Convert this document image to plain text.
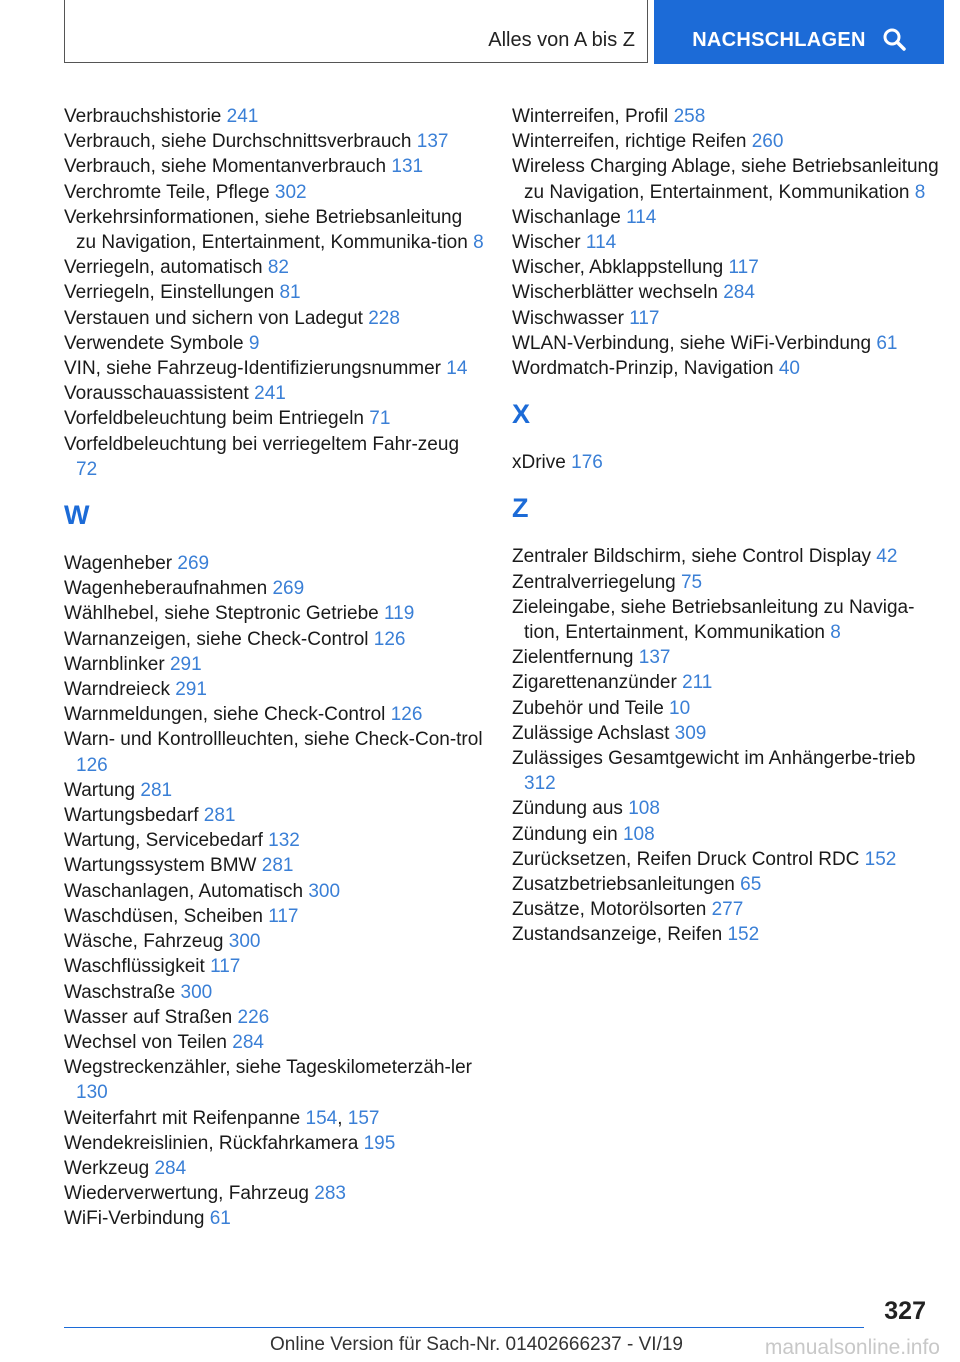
Alles von A bis Z	NACHSCHLAGEN

Verbrauchshistorie 241

Verbrauch, siehe Durchschnittsverbrauch 137

Verbrauch, siehe Momentanverbrauch 131

Verchromte Teile, Pflege 302

Verkehrsinformationen, siehe Betriebsanleitung zu Navigation, Entertainment, Kommunika-tion 8

Verriegeln, automatisch 82

Verriegeln, Einstellungen 81

Verstauen und sichern von Ladegut 228

Verwendete Symbole 9

VIN, siehe Fahrzeug-Identifizierungsnummer 14

Vorausschauassistent 241

Vorfeldbeleuchtung beim Entriegeln 71

Vorfeldbeleuchtung bei verriegeltem Fahr-zeug 72

W

Wagenheber 269

Wagenheberaufnahmen 269

Wählhebel, siehe Steptronic Getriebe 119

Warnanzeigen, siehe Check-Control 126

Warnblinker 291

Warndreieck 291

Warnmeldungen, siehe Check-Control 126

Warn- und Kontrollleuchten, siehe Check-Con-trol 126

Wartung 281

Wartungsbedarf 281

Wartung, Servicebedarf 132

Wartungssystem BMW 281

Waschanlagen, Automatisch 300

Waschdüsen, Scheiben 117

Wäsche, Fahrzeug 300

Waschflüssigkeit 117

Waschstraße 300

Wasser auf Straßen 226

Wechsel von Teilen 284

Wegstreckenzähler, siehe Tageskilometerzäh-ler 130

Weiterfahrt mit Reifenpanne 154, 157

Wendekreislinien, Rückfahrkamera 195

Werkzeug 284

Wiederverwertung, Fahrzeug 283

WiFi-Verbindung 61

Winterreifen, Profil 258

Winterreifen, richtige Reifen 260

Wireless Charging Ablage, siehe Betriebsanleitung zu Navigation, Entertainment, Kommunikation 8

Wischanlage 114

Wischer 114

Wischer, Abklappstellung 117

Wischerblätter wechseln 284

Wischwasser 117

WLAN-Verbindung, siehe WiFi-Verbindung 61

Wordmatch-Prinzip, Navigation 40

X

xDrive 176

Z

Zentraler Bildschirm, siehe Control Display 42

Zentralverriegelung 75

Zieleingabe, siehe Betriebsanleitung zu Naviga-tion, Entertainment, Kommunikation 8

Zielentfernung 137

Zigarettenanzünder 211

Zubehör und Teile 10

Zulässige Achslast 309

Zulässiges Gesamtgewicht im Anhängerbe-trieb 312

Zündung aus 108

Zündung ein 108

Zurücksetzen, Reifen Druck Control RDC 152

Zusatzbetriebsanleitungen 65

Zusätze, Motorölsorten 277

Zustandsanzeige, Reifen 152

327
Online Version für Sach-Nr. 01402666237 - VI/19	manualsonline.info
